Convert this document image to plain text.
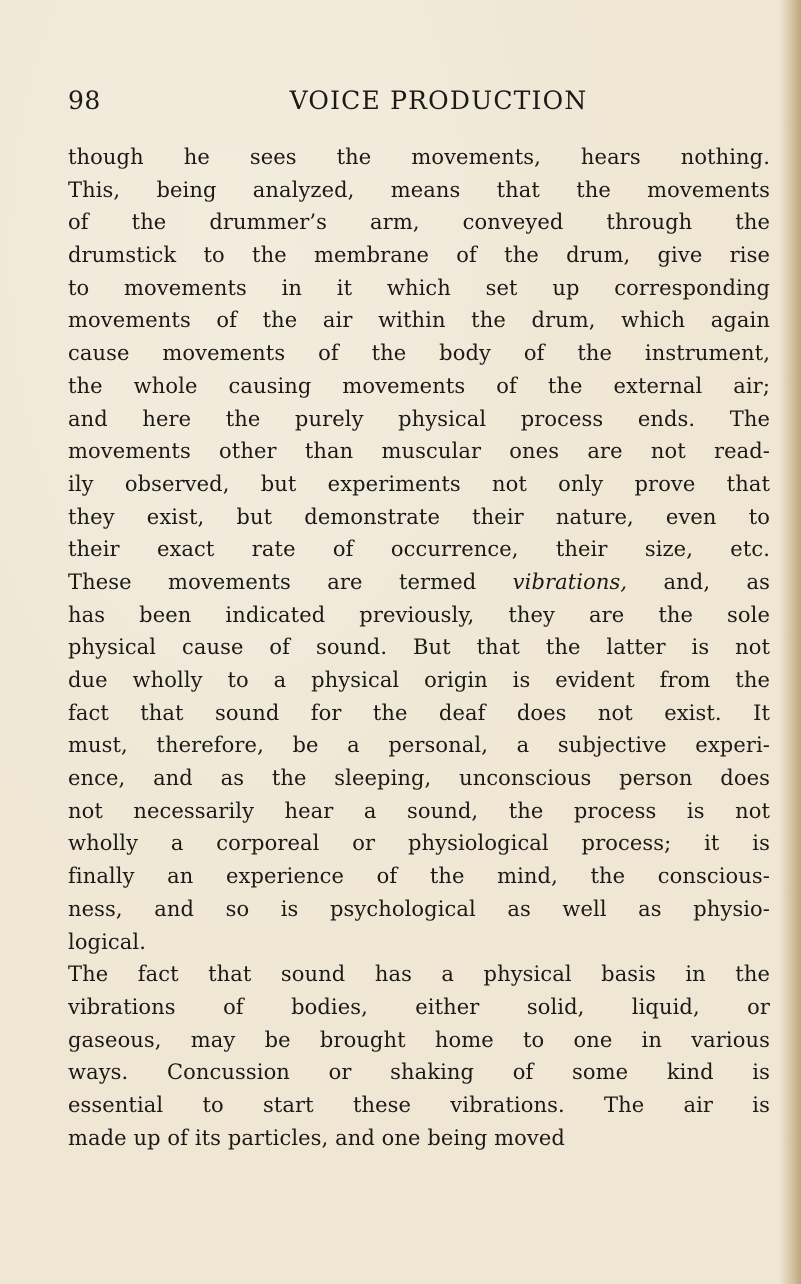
98	VOICE PRODUCTION
though he sees the movements, hears nothing.
This, being analyzed, means that the movements
of the drummer’s arm, conveyed through the
drumstick to the membrane of the drum, give rise
to movements in it which set up corresponding
movements of the air within the drum, which again
cause movements of the body of the instrument,
the whole causing movements of the external air;
and here the purely physical process ends. The
movements other than muscular ones are not read-
ily observed, but experiments not only prove that
they exist, but demonstrate their nature, even to
their exact rate of occurrence, their size, etc.
These movements are termed vibrations, and, as
has been indicated previously, they are the sole
physical cause of sound. But that the latter is not
due wholly to a physical origin is evident from the
fact that sound for the deaf does not exist. It
must, therefore, be a personal, a subjective experi-
ence, and as the sleeping, unconscious person does
not necessarily hear a sound, the process is not
wholly a corporeal or physiological process; it is
finally an experience of the mind, the conscious-
ness, and so is psychological as well as physio-
logical.
The fact that sound has a physical basis in the
vibrations of bodies, either solid, liquid, or
gaseous, may be brought home to one in various
ways. Concussion or shaking of some kind is
essential to start these vibrations. The air is
made up of its particles, and one being moved
